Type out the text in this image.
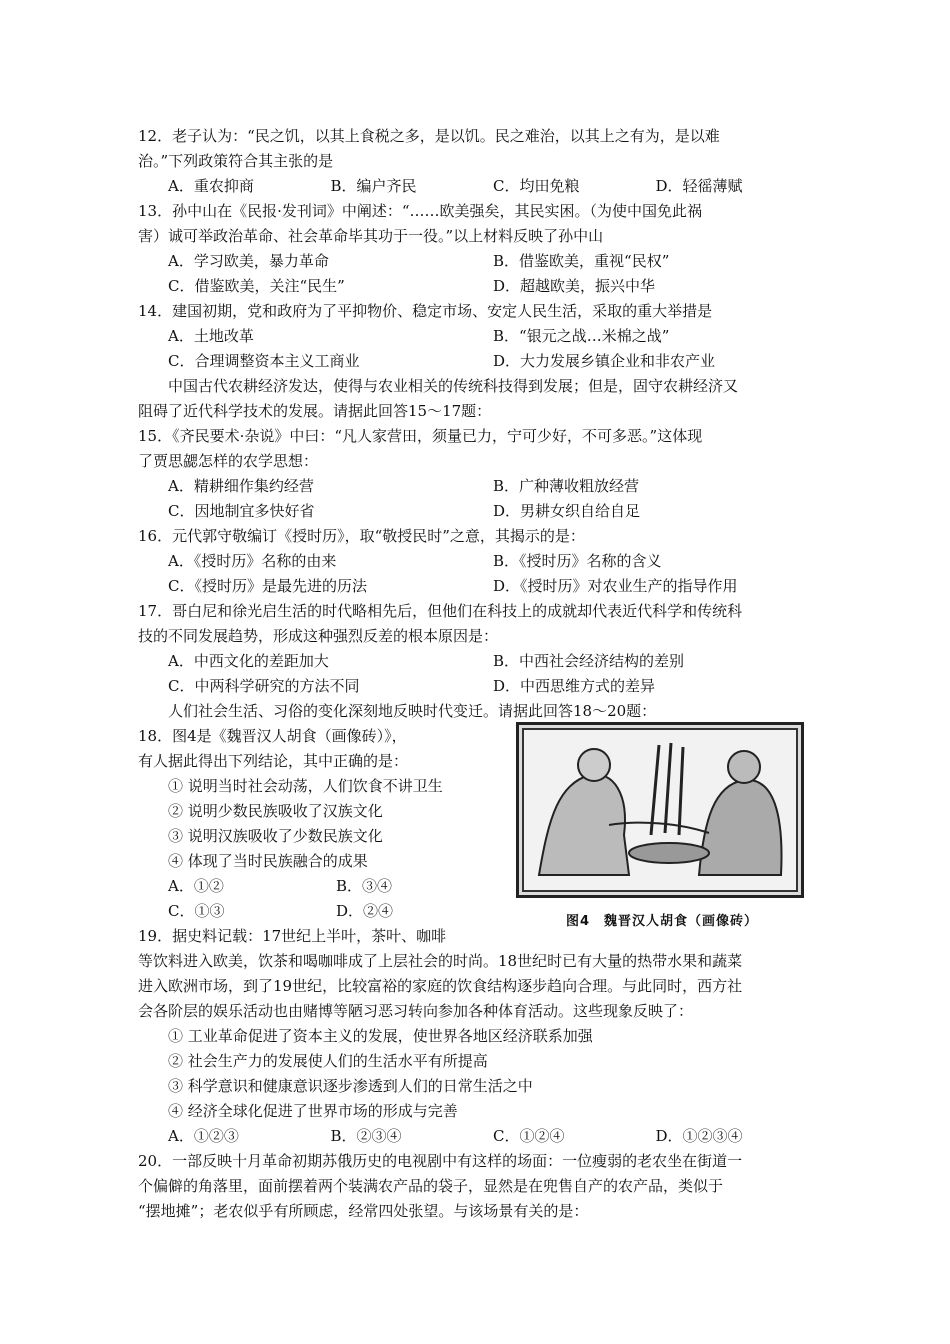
12．老子认为：“民之饥，以其上食税之多，是以饥。民之难治，以其上之有为，是以难
治。”下列政策符合其主张的是
A．重农抑商	B．编户齐民	C．均田免粮	D．轻徭薄赋
13．孙中山在《民报·发刊词》中阐述：“……欧美强矣，其民实困。（为使中国免此祸
害）诚可举政治革命、社会革命毕其功于一役。”以上材料反映了孙中山
A．学习欧美，暴力革命	B．借鉴欧美，重视“民权”
C．借鉴欧美，关注“民生”	D．超越欧美，振兴中华
14．建国初期，党和政府为了平抑物价、稳定市场、安定人民生活，采取的重大举措是
A．土地改革	B．“银元之战…米棉之战”
C．合理调整资本主义工商业	D．大力发展乡镇企业和非农产业
中国古代农耕经济发达，使得与农业相关的传统科技得到发展；但是，固守农耕经济又
阻碍了近代科学技术的发展。请据此回答15～17题：
15．《齐民要术·杂说》中曰：“凡人家营田，须量已力，宁可少好，不可多恶。”这体现
了贾思勰怎样的农学思想：
A．精耕细作集约经营	B．广种薄收粗放经营
C．因地制宜多快好省	D．男耕女织自给自足
16．元代郭守敬编订《授时历》，取“敬授民时”之意，其揭示的是：
A．《授时历》名称的由来	B．《授时历》名称的含义
C．《授时历》是最先进的历法	D．《授时历》对农业生产的指导作用
17．哥白尼和徐光启生活的时代略相先后，但他们在科技上的成就却代表近代科学和传统科
技的不同发展趋势，形成这种强烈反差的根本原因是：
A．中西文化的差距加大	B．中西社会经济结构的差别
C．中两科学研究的方法不同	D．中西思维方式的差异
人们社会生活、习俗的变化深刻地反映时代变迁。请据此回答18～20题：
图4　魏晋汉人胡食（画像砖）
18．图4是《魏晋汉人胡食（画像砖）》，
有人据此得出下列结论，其中正确的是：
① 说明当时社会动荡，人们饮食不讲卫生
② 说明少数民族吸收了汉族文化
③ 说明汉族吸收了少数民族文化
④ 体现了当时民族融合的成果
A．①②	B．③④
C．①③	D．②④
19．据史料记载：17世纪上半叶，茶叶、咖啡
等饮料进入欧美，饮茶和喝咖啡成了上层社会的时尚。18世纪时已有大量的热带水果和蔬菜
进入欧洲市场，到了19世纪，比较富裕的家庭的饮食结构逐步趋向合理。与此同时，西方社
会各阶层的娱乐活动也由赌博等陋习恶习转向参加各种体育活动。这些现象反映了：
① 工业革命促进了资本主义的发展，使世界各地区经济联系加强
② 社会生产力的发展使人们的生活水平有所提高
③ 科学意识和健康意识逐步渗透到人们的日常生活之中
④ 经济全球化促进了世界市场的形成与完善
A．①②③	B．②③④	C．①②④	D．①②③④
20．一部反映十月革命初期苏俄历史的电视剧中有这样的场面：一位瘦弱的老农坐在街道一
个偏僻的角落里，面前摆着两个装满农产品的袋子，显然是在兜售自产的农产品，类似于
“摆地摊”；老农似乎有所顾虑，经常四处张望。与该场景有关的是：
